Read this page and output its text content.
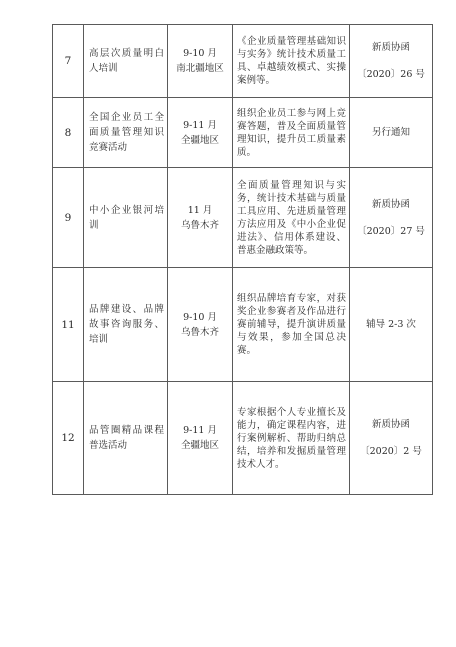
7	高层次质量明白人培训	9-10 月
南北疆地区	《企业质量管理基础知识与实务》统计技术质量工具、卓越绩效模式、实操案例等。	新质协函
〔2020〕26 号

8	全国企业员工全面质量管理知识竞赛活动	9-11 月
全疆地区	组织企业员工参与网上竞赛答题，普及全面质量管理知识，提升员工质量素质。	另行通知

9	中小企业银河培训	11 月
乌鲁木齐	全面质量管理知识与实务，统计技术基础与质量工具应用、先进质量管理方法应用及《中小企业促进法》、信用体系建设、普惠金融政策等。	新质协函
〔2020〕27 号

11	品牌建设、品牌故事咨询服务、培训	9-10 月
乌鲁木齐	组织品牌培育专家，对获奖企业参赛者及作品进行赛前辅导，提升演讲质量与效果，参加全国总决赛。	辅导 2-3 次

12	品管圈精品课程普选活动	9-11 月
全疆地区	专家根据个人专业擅长及能力，确定课程内容，进行案例解析、帮助归纳总结，培养和发掘质量管理技术人才。	新质协函
〔2020〕2 号
